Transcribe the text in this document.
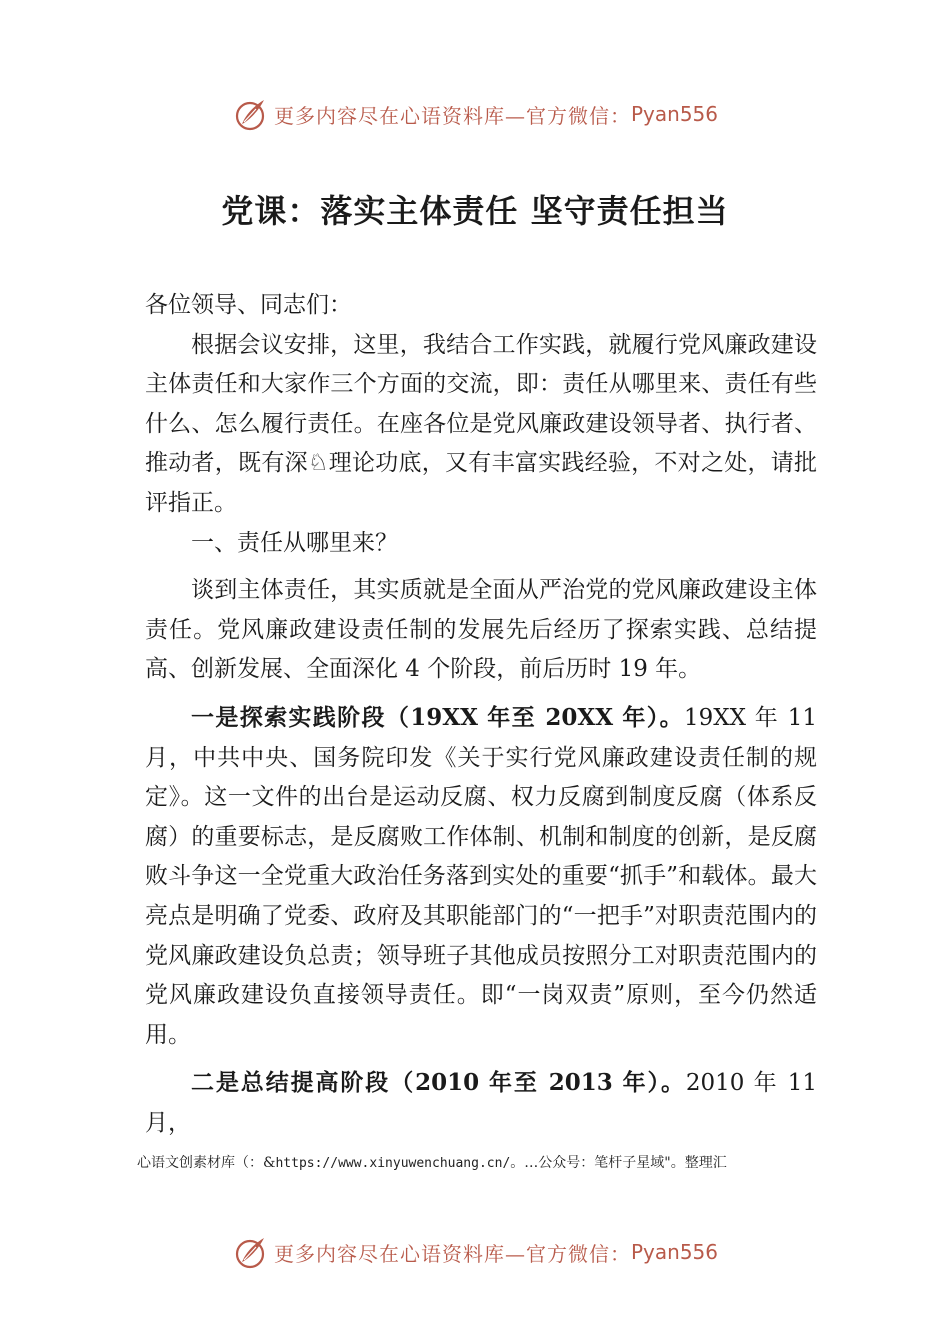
更多内容尽在心语资料库—官方微信： Pyan556
党课：落实主体责任 坚守责任担当

各位领导、同志们：

根据会议安排，这里，我结合工作实践，就履行党风廉政建设主体责任和大家作三个方面的交流，即：责任从哪里来、责任有些什么、怎么履行责任。在座各位是党风廉政建设领导者、执行者、推动者，既有深♘理论功底，又有丰富实践经验，不对之处，请批评指正。

一、责任从哪里来？

谈到主体责任，其实质就是全面从严治党的党风廉政建设主体责任。党风廉政建设责任制的发展先后经历了探索实践、总结提高、创新发展、全面深化 4 个阶段，前后历时 19 年。

一是探索实践阶段（19XX 年至 20XX 年）。19XX 年 11 月，中共中央、国务院印发《关于实行党风廉政建设责任制的规定》。这一文件的出台是运动反腐、权力反腐到制度反腐（体系反腐）的重要标志，是反腐败工作体制、机制和制度的创新，是反腐败斗争这一全党重大政治任务落到实处的重要“抓手”和载体。最大亮点是明确了党委、政府及其职能部门的“一把手”对职责范围内的党风廉政建设负总责；领导班子其他成员按照分工对职责范围内的党风廉政建设负直接领导责任。即“一岗双责”原则，至今仍然适用。

二是总结提高阶段（2010 年至 2013 年）。2010 年 11 月，

心语文创素材库（：&https://www.xinyuwenchuang.cn/。…公众号：笔杆子星域"。整理汇
更多内容尽在心语资料库—官方微信： Pyan556
